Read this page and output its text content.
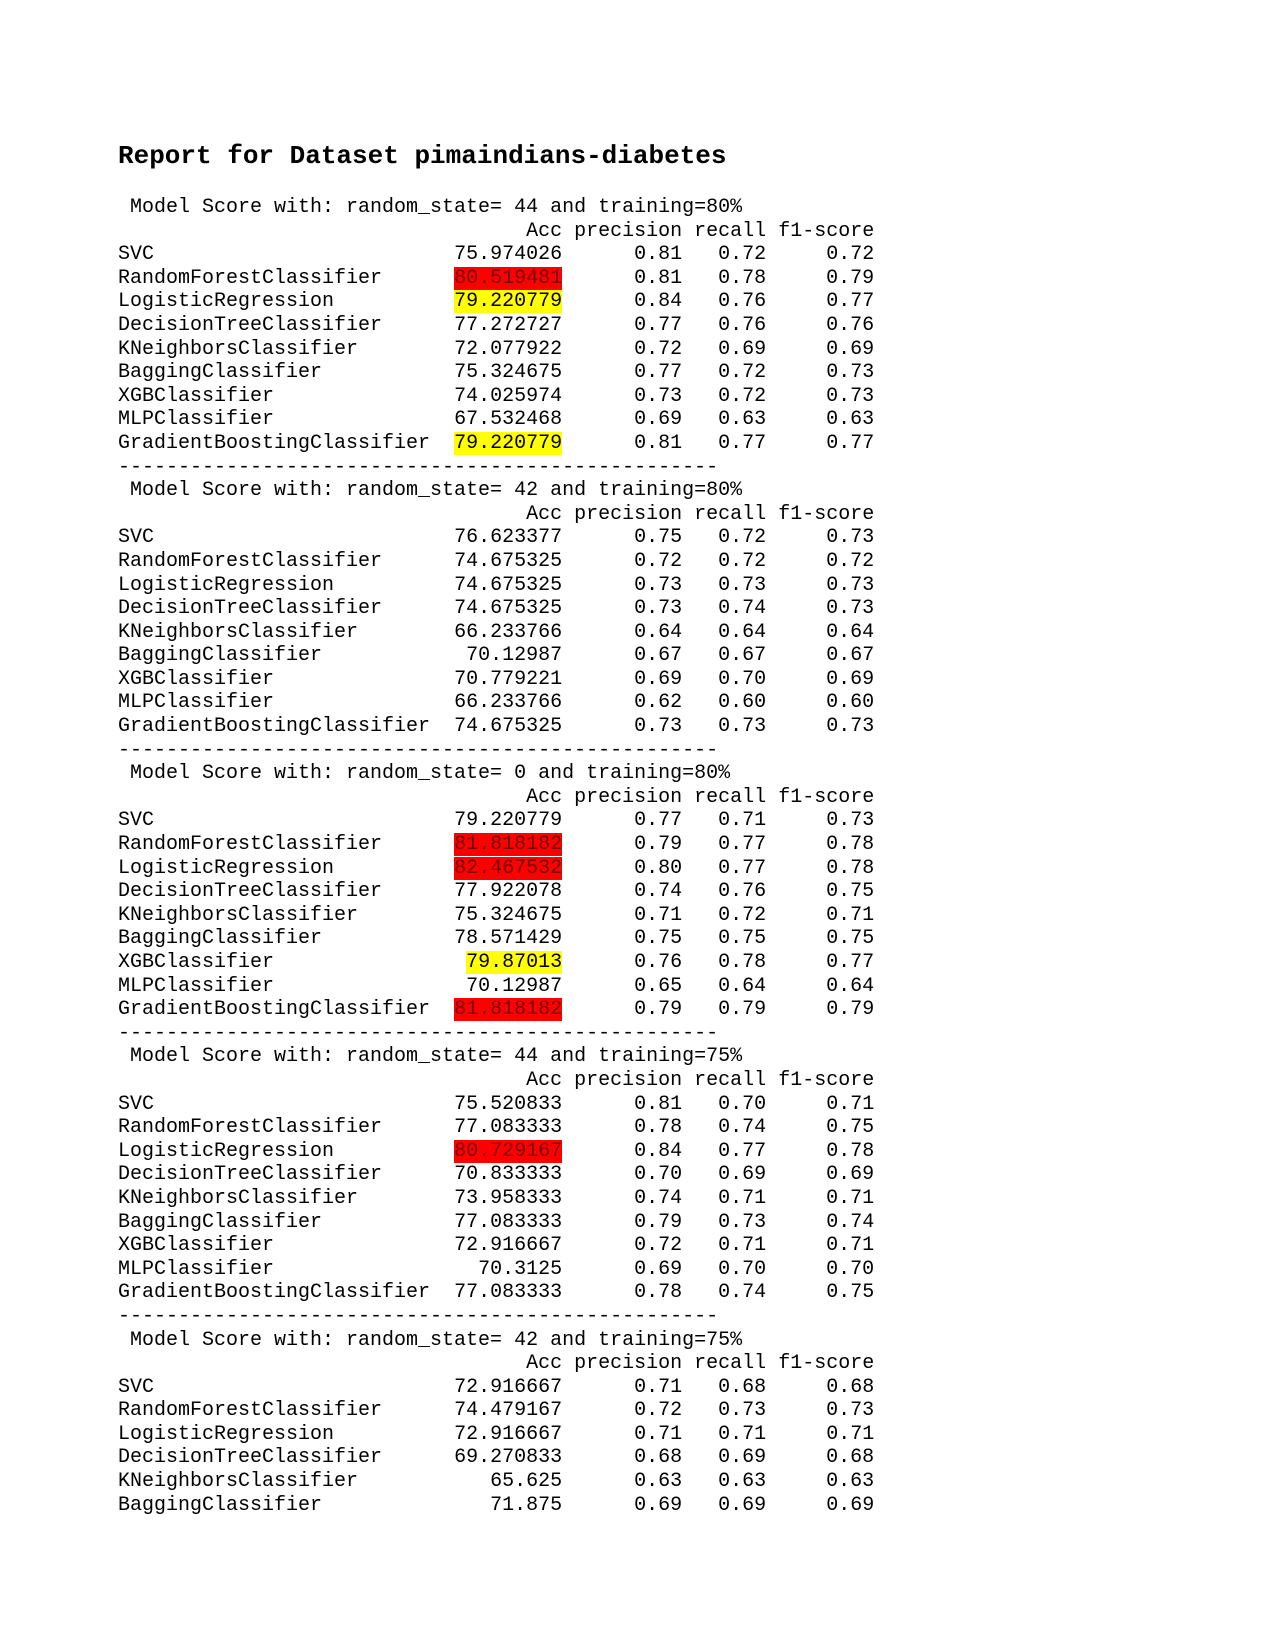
Report for Dataset pimaindians-diabetes
Model Score with: random_state= 44 and training=80%
Acc precision recall f1-score
SVC	75.974026	0.81 0.72	0.72
RandomForestClassifier	80.519481	0.81 0.78	0.79
LogisticRegression	79.220779	0.84 0.76	0.77
DecisionTreeClassifier	77.272727	0.77 0.76	0.76
KNeighborsClassifier	72.077922	0.72 0.69	0.69
BaggingClassifier	75.324675	0.77 0.72	0.73
XGBClassifier	74.025974	0.73 0.72	0.73
MLPClassifier	67.532468	0.69 0.63	0.63
GradientBoostingClassifier 79.220779	0.81 0.77	0.77
--------------------------------------------------

Model Score with: random_state= 42 and training=80%
Acc precision recall f1-score
SVC	76.623377	0.75 0.72	0.73
RandomForestClassifier	74.675325	0.72 0.72	0.72
LogisticRegression	74.675325	0.73 0.73	0.73
DecisionTreeClassifier	74.675325	0.73 0.74	0.73
KNeighborsClassifier	66.233766	0.64 0.64	0.64
BaggingClassifier	70.12987	0.67 0.67	0.67
XGBClassifier	70.779221	0.69 0.70	0.69
MLPClassifier	66.233766	0.62 0.60	0.60
GradientBoostingClassifier 74.675325	0.73 0.73	0.73
--------------------------------------------------

Model Score with: random_state= 0 and training=80%
Acc precision recall f1-score
SVC	79.220779	0.77 0.71	0.73
RandomForestClassifier	81.818182	0.79 0.77	0.78
LogisticRegression	82.467532	0.80 0.77	0.78
DecisionTreeClassifier	77.922078	0.74 0.76	0.75
KNeighborsClassifier	75.324675	0.71 0.72	0.71
BaggingClassifier	78.571429	0.75 0.75	0.75
XGBClassifier	79.87013	0.76 0.78	0.77
MLPClassifier	70.12987	0.65 0.64	0.64
GradientBoostingClassifier 81.818182	0.79 0.79	0.79
--------------------------------------------------

Model Score with: random_state= 44 and training=75%
Acc precision recall f1-score
SVC	75.520833	0.81 0.70	0.71
RandomForestClassifier	77.083333	0.78 0.74	0.75
LogisticRegression	80.729167	0.84 0.77	0.78
DecisionTreeClassifier	70.833333	0.70 0.69	0.69
KNeighborsClassifier	73.958333	0.74 0.71	0.71
BaggingClassifier	77.083333	0.79 0.73	0.74
XGBClassifier	72.916667	0.72 0.71	0.71
MLPClassifier	70.3125	0.69 0.70	0.70
GradientBoostingClassifier 77.083333	0.78 0.74	0.75
--------------------------------------------------

Model Score with: random_state= 42 and training=75%
Acc precision recall f1-score
SVC	72.916667	0.71 0.68	0.68
RandomForestClassifier	74.479167	0.72 0.73	0.73
LogisticRegression	72.916667	0.71 0.71	0.71
DecisionTreeClassifier	69.270833	0.68 0.69	0.68
KNeighborsClassifier	65.625	0.63 0.63	0.63
BaggingClassifier	71.875	0.69 0.69	0.69
